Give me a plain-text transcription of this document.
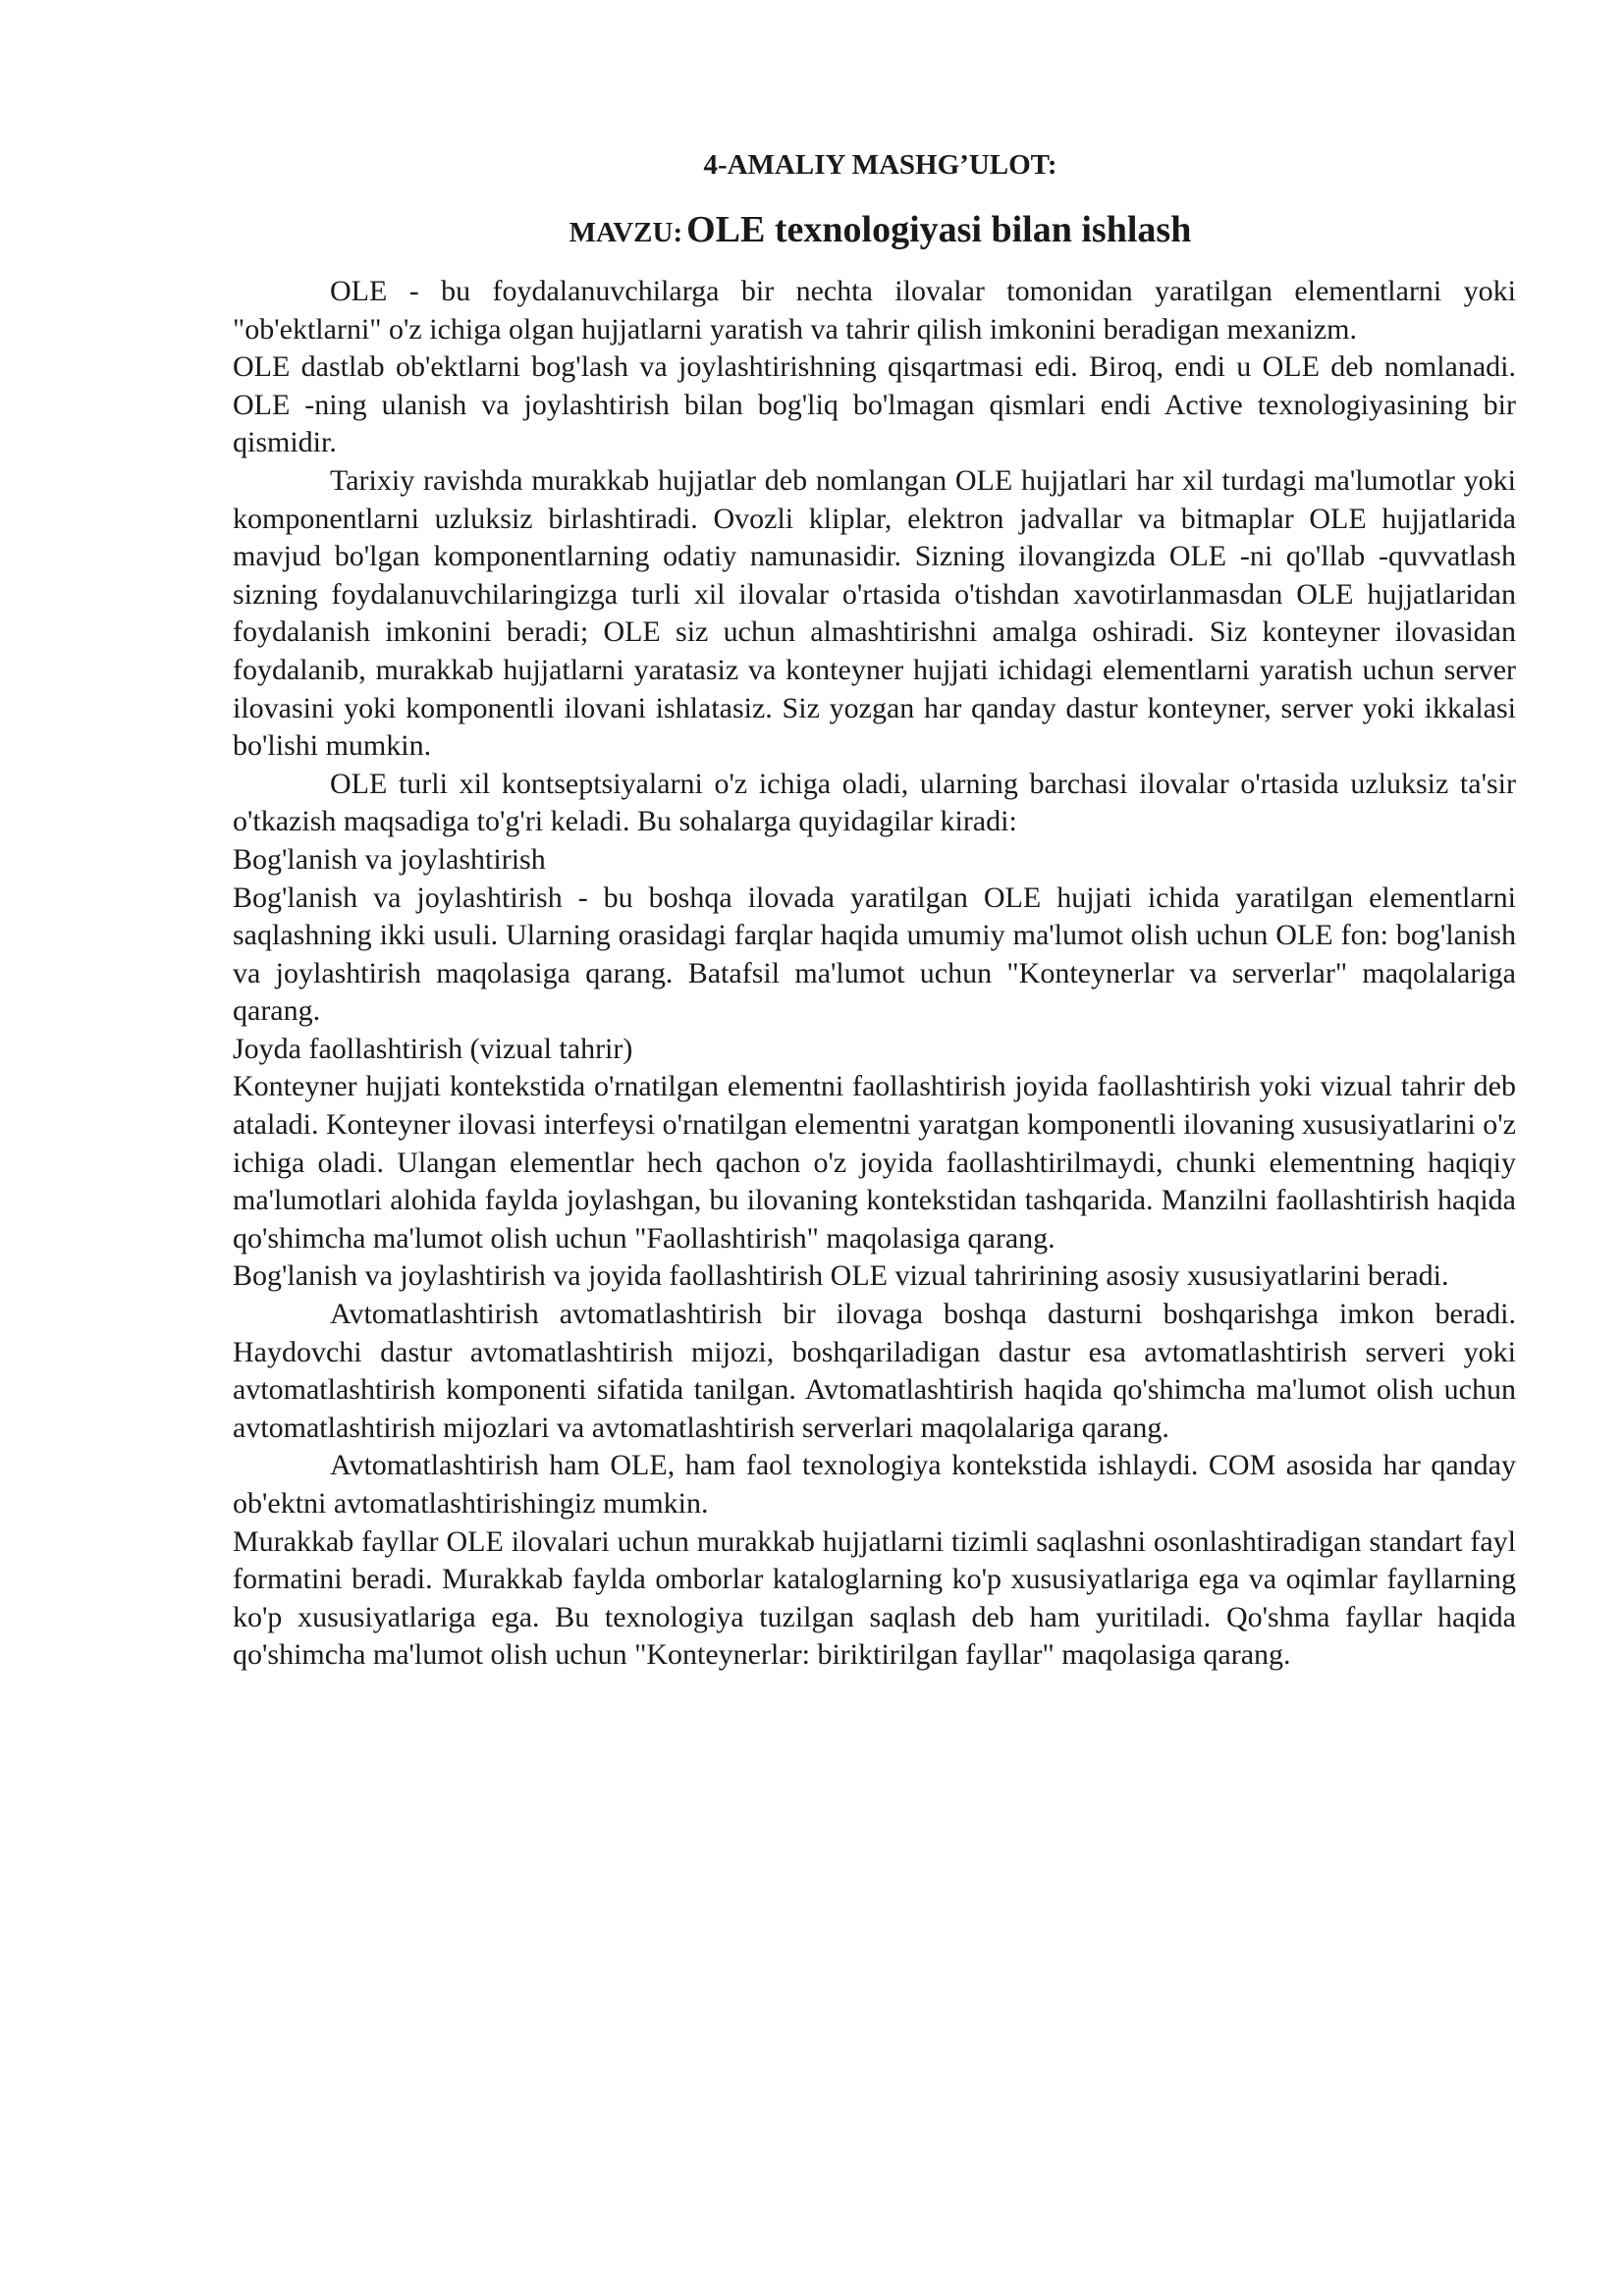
4-AMALIY MASHG’ULOT:

MAVZU: OLE texnologiyasi bilan ishlash

OLE - bu foydalanuvchilarga bir nechta ilovalar tomonidan yaratilgan elementlarni yoki "ob'ektlarni" o'z ichiga olgan hujjatlarni yaratish va tahrir qilish imkonini beradigan mexanizm.

OLE dastlab ob'ektlarni bog'lash va joylashtirishning qisqartmasi edi. Biroq, endi u OLE deb nomlanadi. OLE -ning ulanish va joylashtirish bilan bog'liq bo'lmagan qismlari endi Active texnologiyasining bir qismidir.

Tarixiy ravishda murakkab hujjatlar deb nomlangan OLE hujjatlari har xil turdagi ma'lumotlar yoki komponentlarni uzluksiz birlashtiradi. Ovozli kliplar, elektron jadvallar va bitmaplar OLE hujjatlarida mavjud bo'lgan komponentlarning odatiy namunasidir. Sizning ilovangizda OLE -ni qo'llab -quvvatlash sizning foydalanuvchilaringizga turli xil ilovalar o'rtasida o'tishdan xavotirlanmasdan OLE hujjatlaridan foydalanish imkonini beradi; OLE siz uchun almashtirishni amalga oshiradi. Siz konteyner ilovasidan foydalanib, murakkab hujjatlarni yaratasiz va konteyner hujjati ichidagi elementlarni yaratish uchun server ilovasini yoki komponentli ilovani ishlatasiz. Siz yozgan har qanday dastur konteyner, server yoki ikkalasi bo'lishi mumkin.

OLE turli xil kontseptsiyalarni o'z ichiga oladi, ularning barchasi ilovalar o'rtasida uzluksiz ta'sir o'tkazish maqsadiga to'g'ri keladi. Bu sohalarga quyidagilar kiradi:

Bog'lanish va joylashtirish

Bog'lanish va joylashtirish - bu boshqa ilovada yaratilgan OLE hujjati ichida yaratilgan elementlarni saqlashning ikki usuli. Ularning orasidagi farqlar haqida umumiy ma'lumot olish uchun OLE fon: bog'lanish va joylashtirish maqolasiga qarang. Batafsil ma'lumot uchun "Konteynerlar va serverlar" maqolalariga qarang.

Joyda faollashtirish (vizual tahrir)

Konteyner hujjati kontekstida o'rnatilgan elementni faollashtirish joyida faollashtirish yoki vizual tahrir deb ataladi. Konteyner ilovasi interfeysi o'rnatilgan elementni yaratgan komponentli ilovaning xususiyatlarini o'z ichiga oladi. Ulangan elementlar hech qachon o'z joyida faollashtirilmaydi, chunki elementning haqiqiy ma'lumotlari alohida faylda joylashgan, bu ilovaning kontekstidan tashqarida. Manzilni faollashtirish haqida qo'shimcha ma'lumot olish uchun "Faollashtirish" maqolasiga qarang.

Bog'lanish va joylashtirish va joyida faollashtirish OLE vizual tahririning asosiy xususiyatlarini beradi.

Avtomatlashtirish avtomatlashtirish bir ilovaga boshqa dasturni boshqarishga imkon beradi. Haydovchi dastur avtomatlashtirish mijozi, boshqariladigan dastur esa avtomatlashtirish serveri yoki avtomatlashtirish komponenti sifatida tanilgan. Avtomatlashtirish haqida qo'shimcha ma'lumot olish uchun avtomatlashtirish mijozlari va avtomatlashtirish serverlari maqolalariga qarang.

Avtomatlashtirish ham OLE, ham faol texnologiya kontekstida ishlaydi. COM asosida har qanday ob'ektni avtomatlashtirishingiz mumkin.

Murakkab fayllar OLE ilovalari uchun murakkab hujjatlarni tizimli saqlashni osonlashtiradigan standart fayl formatini beradi. Murakkab faylda omborlar kataloglarning ko'p xususiyatlariga ega va oqimlar fayllarning ko'p xususiyatlariga ega. Bu texnologiya tuzilgan saqlash deb ham yuritiladi. Qo'shma fayllar haqida qo'shimcha ma'lumot olish uchun "Konteynerlar: biriktirilgan fayllar" maqolasiga qarang.
